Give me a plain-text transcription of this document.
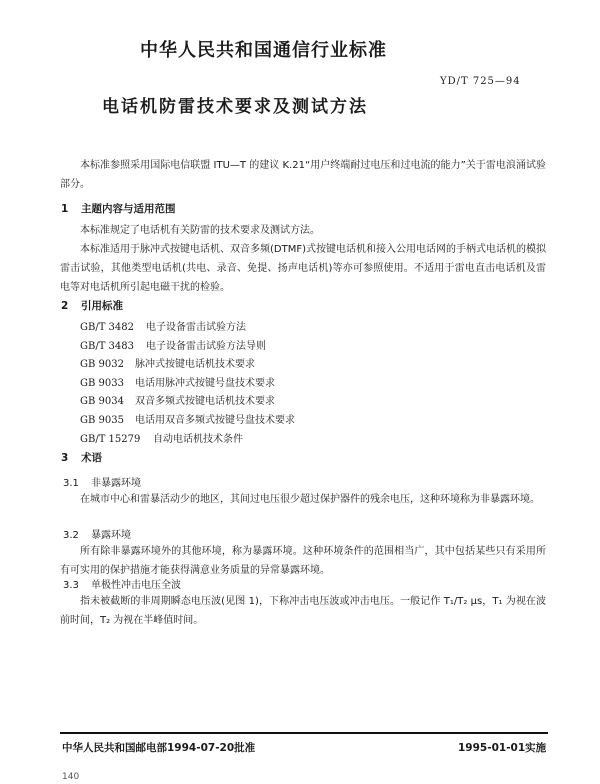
中华人民共和国通信行业标准
YD/T 725—94
电话机防雷技术要求及测试方法
本标准参照采用国际电信联盟 ITU—T 的建议 K.21“用户终端耐过电压和过电流的能力”关于雷电浪涌试验部分。
1 主题内容与适用范围
本标准规定了电话机有关防雷的技术要求及测试方法。
本标准适用于脉冲式按键电话机、双音多频(DTMF)式按键电话机和接入公用电话网的手柄式电话机的模拟雷击试验，其他类型电话机(共电、录音、免提、扬声电话机)等亦可参照使用。不适用于雷电直击电话机及雷电等对电话机所引起电磁干扰的检验。
2 引用标准
GB/T 3482 电子设备雷击试验方法
GB/T 3483 电子设备雷击试验方法导则
GB 9032 脉冲式按键电话机技术要求
GB 9033 电话用脉冲式按键号盘技术要求
GB 9034 双音多频式按键电话机技术要求
GB 9035 电话用双音多频式按键号盘技术要求
GB/T 15279 自动电话机技术条件
3 术语
3.1 非暴露环境
在城市中心和雷暴活动少的地区，其间过电压很少超过保护器件的残余电压，这种环境称为非暴露环境。
3.2 暴露环境
所有除非暴露环境外的其他环境，称为暴露环境。这种环境条件的范围相当广，其中包括某些只有采用所有可实用的保护措施才能获得满意业务质量的异常暴露环境。
3.3 单极性冲击电压全波
指未被截断的非周期瞬态电压波(见图 1)，下称冲击电压波或冲击电压。一般记作 T₁/T₂ μs，T₁ 为视在波前时间，T₂ 为视在半峰值时间。
中华人民共和国邮电部1994-07-20批准	1995-01-01实施
140
